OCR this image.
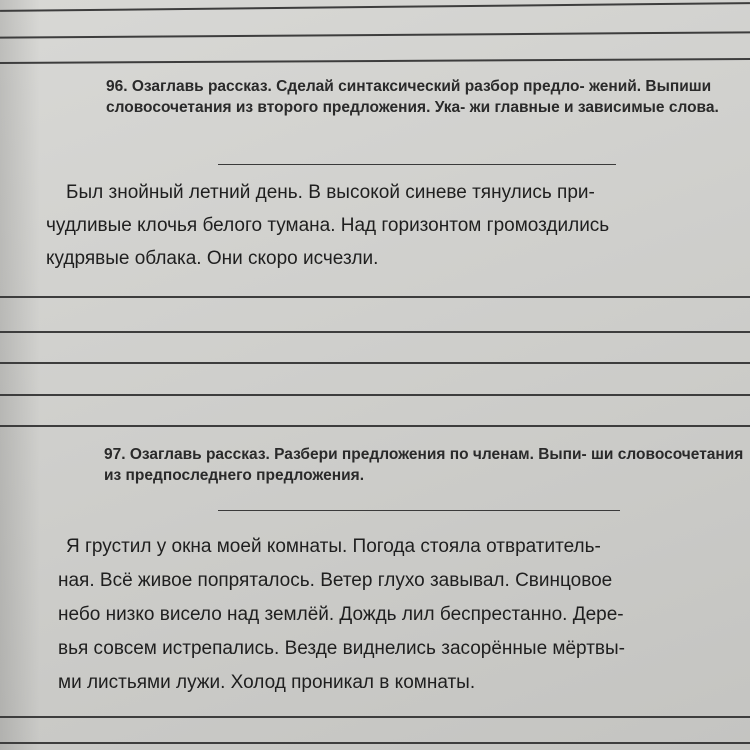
96. Озаглавь рассказ. Сделай синтаксический разбор предло- жений. Выпиши словосочетания из второго предложения. Ука- жи главные и зависимые слова.
Был знойный летний день. В высокой синеве тянулись при-
чудливые клочья белого тумана. Над горизонтом громоздились
кудрявые облака. Они скоро исчезли.
97. Озаглавь рассказ. Разбери предложения по членам. Выпи- ши словосочетания из предпоследнего предложения.
Я грустил у окна моей комнаты. Погода стояла отвратитель-
ная. Всё живое попряталось. Ветер глухо завывал. Свинцовое
небо низко висело над землёй. Дождь лил беспрестанно. Дере-
вья совсем истрепались. Везде виднелись засорённые мёртвы-
ми листьями лужи. Холод проникал в комнаты.
